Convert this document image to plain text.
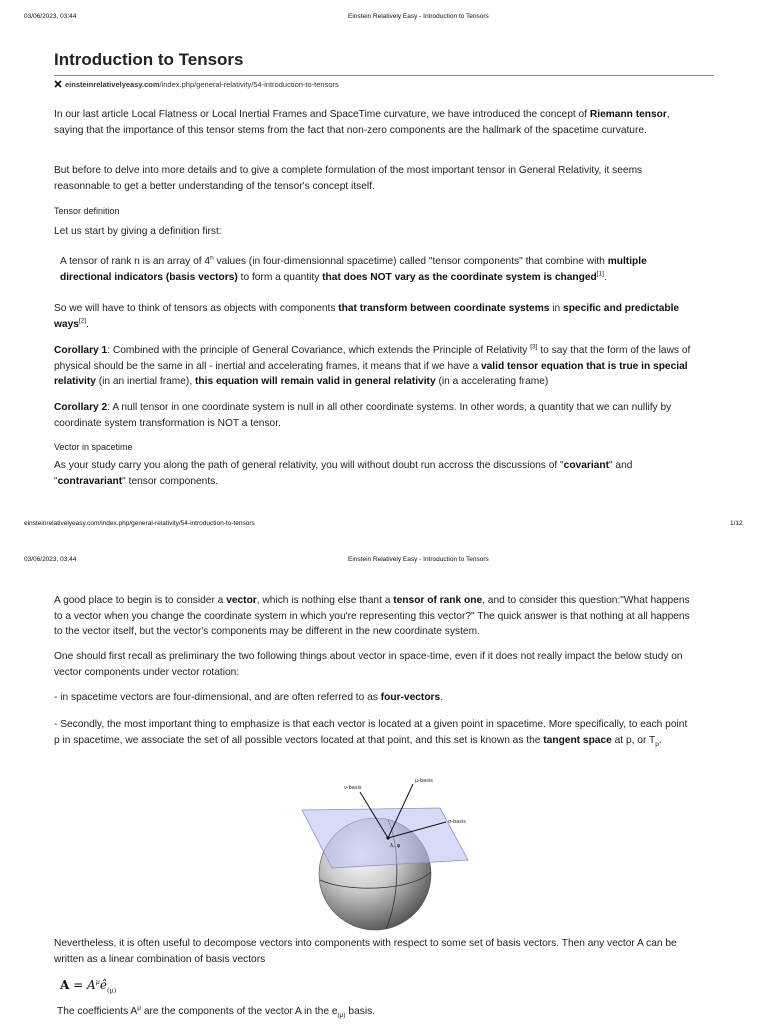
03/06/2023, 03:44	Einstein Relatively Easy - Introduction to Tensors
Introduction to Tensors
einsteinrelativelyeasy.com/index.php/general-relativity/54-introduction-to-tensors

In our last article Local Flatness or Local Inertial Frames and SpaceTime curvature, we have introduced the concept of Riemann tensor, saying that the importance of this tensor stems from the fact that non-zero components are the hallmark of the spacetime curvature.

But before to delve into more details and to give a complete formulation of the most important tensor in General Relativity, it seems reasonnable to get a better understanding of the tensor's concept itself.

Tensor definition

Let us start by giving a definition first:

A tensor of rank n is an array of 4$^n$ values (in four-dimensionnal spacetime) called "tensor components" that combine with multiple directional indicators (basis vectors) to form a quantity that does NOT vary as the coordinate system is changed[1].

So we will have to think of tensors as objects with components that transform between coordinate systems in specific and predictable ways[2].

Corollary 1: Combined with the principle of General Covariance, which extends the Principle of Relativity [3] to say that the form of the laws of physical should be the same in all - inertial and accelerating frames, it means that if we have a valid tensor equation that is true in special relativity (in an inertial frame), this equation will remain valid in general relativity (in a accelerating frame)

Corollary 2: A null tensor in one coordinate system is null in all other coordinate systems. In other words, a quantity that we can nullify by coordinate system transformation is NOT a tensor.

Vector in spacetime

As your study carry you along the path of general relativity, you will without doubt run accross the discussions of "covariant" and "contravariant" tensor components.

einsteinrelativelyeasy.com/index.php/general-relativity/54-introduction-to-tensors	1/12
03/06/2023, 03:44	Einstein Relatively Easy - Introduction to Tensors

A good place to begin is to consider a vector, which is nothing else thant a tensor of rank one, and to consider this question:"What happens to a vector when you change the coordinate system in which you're representing this vector?" The quick answer is that nothing at all happens to the vector itself, but the vector's components may be different in the new coordinate system.

One should first recall as preliminary the two following things about vector in space-time, even if it does not really impact the below study on vector components under vector rotation:

- in spacetime vectors are four-dimensional, and are often referred to as four-vectors.

- Secondly, the most important thing to emphasize is that each vector is located at a given point in spacetime. More specifically, to each point p in spacetime, we associate the set of all possible vectors located at that point, and this set is known as the tangent space at p, or $T_p$.

ν-basis
μ-basis
σ-basis
λ, φ

Nevertheless, it is often useful to decompose vectors into components with respect to some set of basis vectors. Then any vector A can be written as a linear combination of basis vectors

$A = A^\mu ê_{(\mu)}$

The coefficients $A^\mu$ are the components of the vector A in the $e_{(\mu)}$ basis.
